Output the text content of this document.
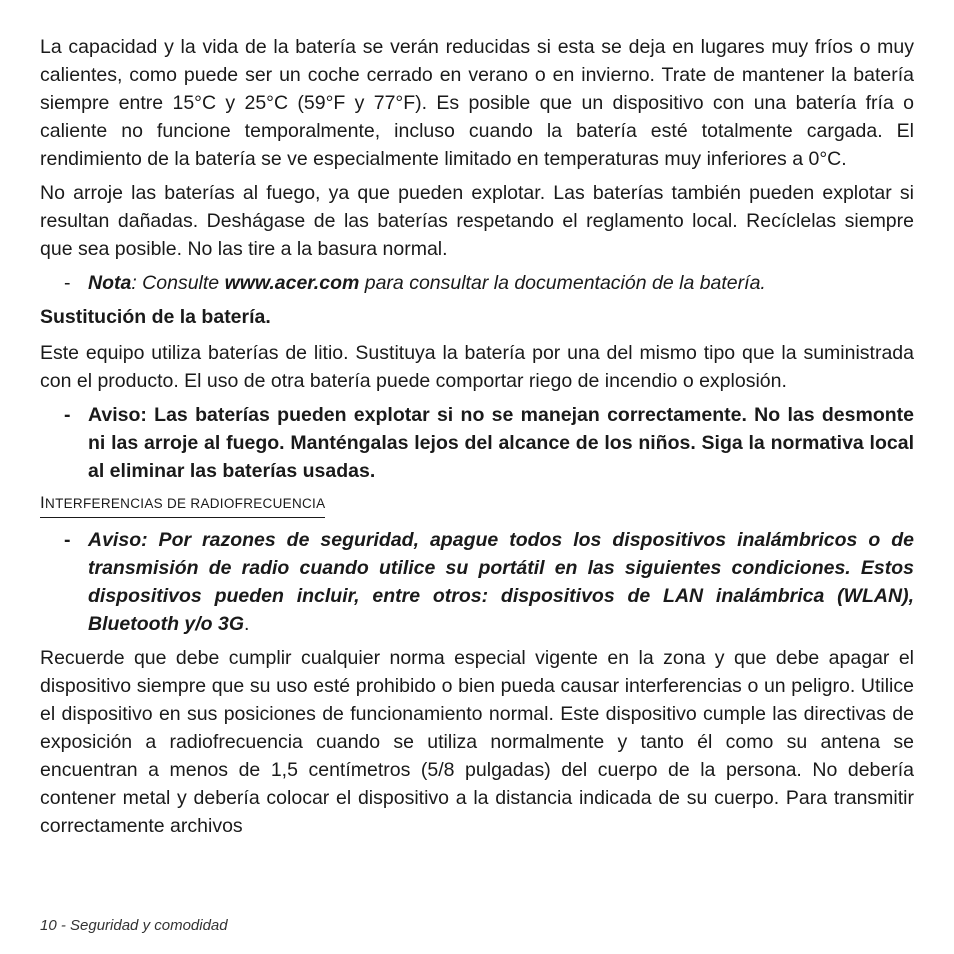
La capacidad y la vida de la batería se verán reducidas si esta se deja en lugares muy fríos o muy calientes, como puede ser un coche cerrado en verano o en invierno. Trate de mantener la batería siempre entre 15°C y 25°C (59°F y 77°F). Es posible que un dispositivo con una batería fría o caliente no funcione temporalmente, incluso cuando la batería esté totalmente cargada. El rendimiento de la batería se ve especialmente limitado en temperaturas muy inferiores a 0°C.

No arroje las baterías al fuego, ya que pueden explotar. Las baterías también pueden explotar si resultan dañadas. Deshágase de las baterías respetando el reglamento local. Recíclelas siempre que sea posible. No las tire a la basura normal.

- Nota: Consulte www.acer.com para consultar la documentación de la batería.
Sustitución de la batería.

Este equipo utiliza baterías de litio. Sustituya la batería por una del mismo tipo que la suministrada con el producto. El uso de otra batería puede comportar riego de incendio o explosión.

- Aviso: Las baterías pueden explotar si no se manejan correctamente. No las desmonte ni las arroje al fuego. Manténgalas lejos del alcance de los niños. Siga la normativa local al eliminar las baterías usadas.
INTERFERENCIAS DE RADIOFRECUENCIA
- Aviso: Por razones de seguridad, apague todos los dispositivos inalámbricos o de transmisión de radio cuando utilice su portátil en las siguientes condiciones. Estos dispositivos pueden incluir, entre otros: dispositivos de LAN inalámbrica (WLAN), Bluetooth y/o 3G.

Recuerde que debe cumplir cualquier norma especial vigente en la zona y que debe apagar el dispositivo siempre que su uso esté prohibido o bien pueda causar interferencias o un peligro. Utilice el dispositivo en sus posiciones de funcionamiento normal. Este dispositivo cumple las directivas de exposición a radiofrecuencia cuando se utiliza normalmente y tanto él como su antena se encuentran a menos de 1,5 centímetros (5/8 pulgadas) del cuerpo de la persona. No debería contener metal y debería colocar el dispositivo a la distancia indicada de su cuerpo. Para transmitir correctamente archivos

10 - Seguridad y comodidad
